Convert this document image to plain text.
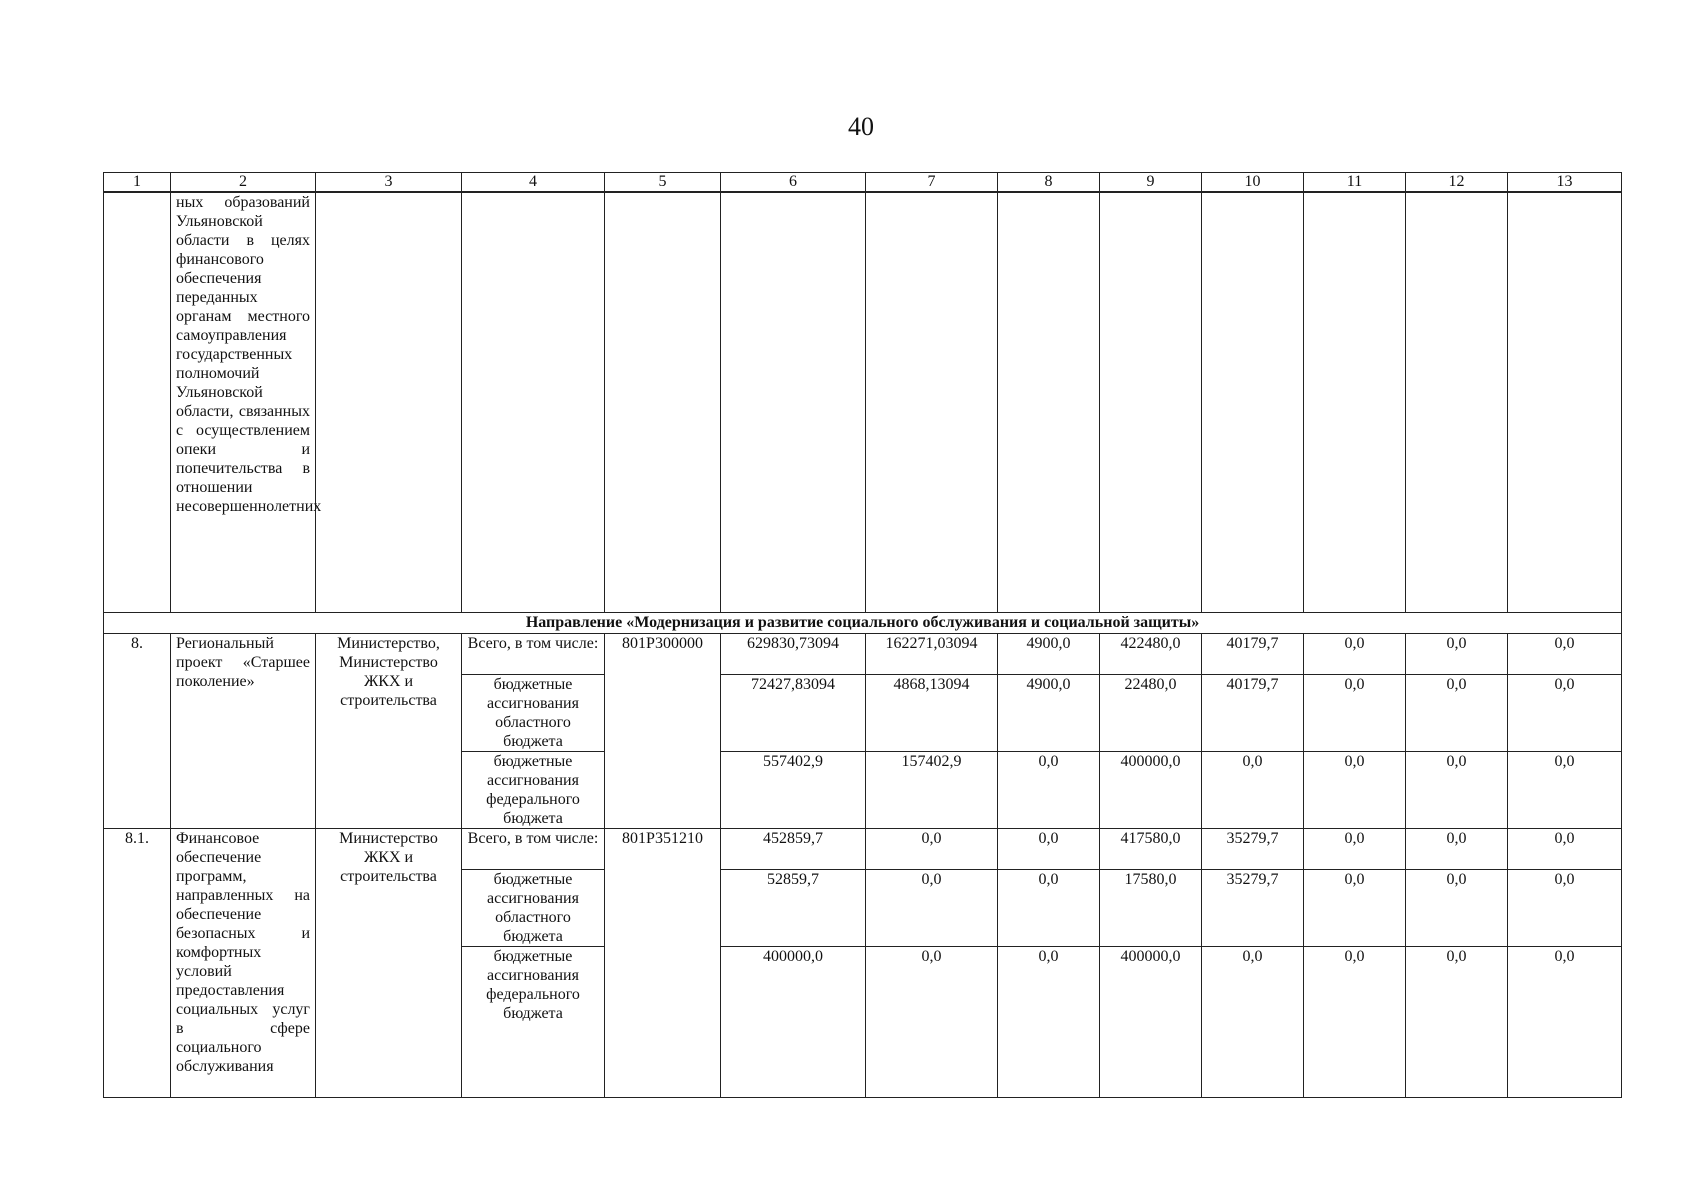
40
1	2	3	4	5	6	7	8	9	10	11	12	13
	ных образований Ульяновской области в целях финансового обеспечения переданных органам местного самоуправления государственных полномочий Ульяновской области, связанных с осуществлением опеки и попечительства в отношении несовершеннолетних											
Направление «Модернизация и развитие социального обслуживания и социальной защиты»												
8.	Региональный проект «Старшее поколение»	Министерство, Министерство ЖКХ и строительства	Всего, в том числе:	801P300000	629830,73094	162271,03094	4900,0	422480,0	40179,7	0,0	0,0	0,0
			бюджетные ассигнования областного бюджета		72427,83094	4868,13094	4900,0	22480,0	40179,7	0,0	0,0	0,0
			бюджетные ассигнования федерального бюджета		557402,9	157402,9	0,0	400000,0	0,0	0,0	0,0	0,0
8.1.	Финансовое обеспечение программ, направленных на обеспечение безопасных и комфортных условий предоставления социальных услуг в сфере социального обслуживания	Министерство ЖКХ и строительства	Всего, в том числе:	801P351210	452859,7	0,0	0,0	417580,0	35279,7	0,0	0,0	0,0
			бюджетные ассигнования областного бюджета		52859,7	0,0	0,0	17580,0	35279,7	0,0	0,0	0,0
			бюджетные ассигнования федерального бюджета		400000,0	0,0	0,0	400000,0	0,0	0,0	0,0	0,0
